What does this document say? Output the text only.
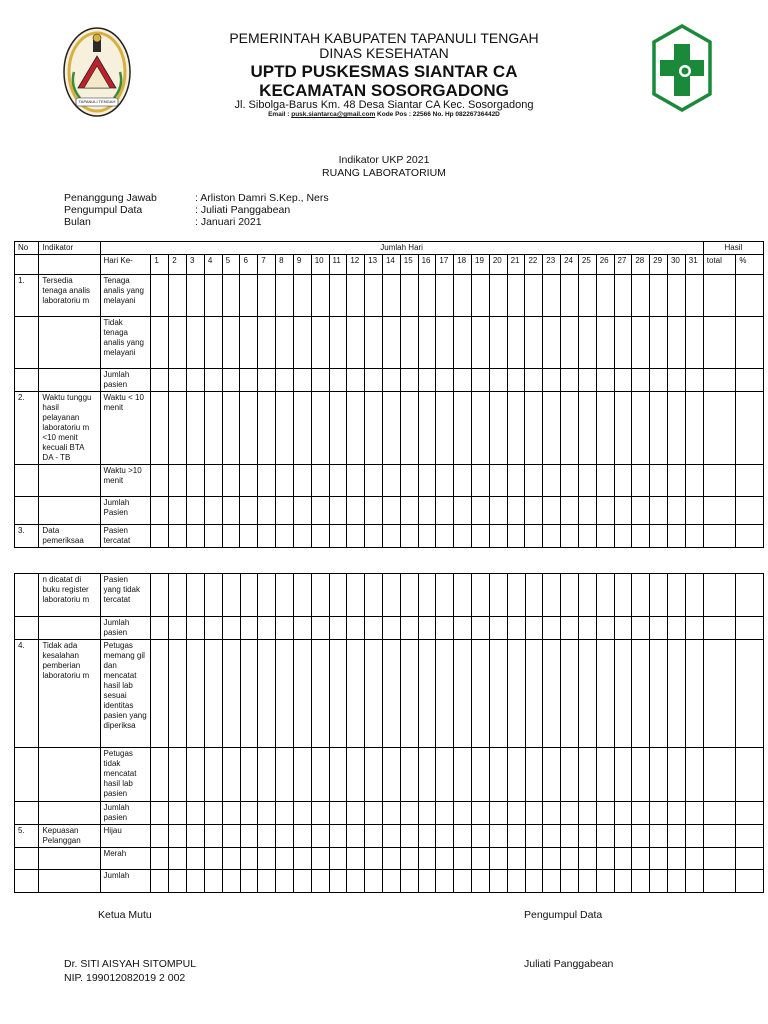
TAPANULI TENGAH
PEMERINTAH KABUPATEN TAPANULI TENGAH
DINAS KESEHATAN
UPTD PUSKESMAS SIANTAR CA
KECAMATAN SOSORGADONG
Jl. Sibolga-Barus Km. 48 Desa Siantar CA Kec. Sosorgadong
Email : pusk.siantarca@gmail.com Kode Pos : 22566 No. Hp 08226736442D
Indikator UKP 2021
RUANG LABORATORIUM
Penanggung Jawab	: Arliston Damri S.Kep., Ners
Pengumpul Data	: Juliati Panggabean
Bulan	: Januari 2021
No	Indikator	Jumlah Hari																																Hasil	
		Hari Ke-	1	2	3	4	5	6	7	8	9	10	11	12	13	14	15	16	17	18	19	20	21	22	23	24	25	26	27	28	29	30	31	total	%
1.	Tersedia tenaga analis laboratoriu m	Tenaga analis yang melayani																																	
		Tidak tenaga analis yang melayani																																	
		Jumlah pasien																																	
2.	Waktu tunggu hasil pelayanan laboratoriu m <10 menit kecuali BTA DA - TB	Waktu < 10 menit																																	
		Waktu >10 menit																																	
		Jumlah Pasien																																	
3.	Data pemeriksaa	Pasien tercatat																																	
	n dicatat di buku register laboratoriu m	Pasien yang tidak tercatat																																	
		Jumlah pasien																																	
4.	Tidak ada kesalahan pemberian laboratoriu m	Petugas memang gil dan mencatat hasil lab sesuai identitas pasien yang diperiksa																																	
		Petugas tidak mencatat hasil lab pasien																																	
		Jumlah pasien																																	
5.	Kepuasan Pelanggan	Hijau																																	
		Merah																																	
		Jumlah																																	
Ketua Mutu	Pengumpul Data
Dr. SITI AISYAH SITOMPUL
NIP. 199012082019 2 002
Juliati Panggabean
